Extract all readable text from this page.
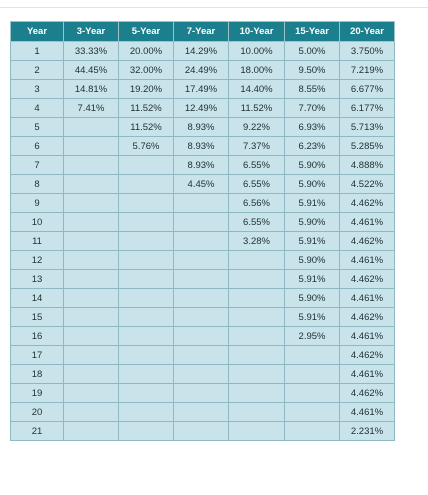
Year	3-Year	5-Year	7-Year	10-Year	15-Year	20-Year
1	33.33%	20.00%	14.29%	10.00%	5.00%	3.750%
2	44.45%	32.00%	24.49%	18.00%	9.50%	7.219%
3	14.81%	19.20%	17.49%	14.40%	8.55%	6.677%
4	7.41%	11.52%	12.49%	11.52%	7.70%	6.177%
5		11.52%	8.93%	9.22%	6.93%	5.713%
6		5.76%	8.93%	7.37%	6.23%	5.285%
7			8.93%	6.55%	5.90%	4.888%
8			4.45%	6.55%	5.90%	4.522%
9				6.56%	5.91%	4.462%
10				6.55%	5.90%	4.461%
11				3.28%	5.91%	4.462%
12					5.90%	4.461%
13					5.91%	4.462%
14					5.90%	4.461%
15					5.91%	4.462%
16					2.95%	4.461%
17						4.462%
18						4.461%
19						4.462%
20						4.461%
21						2.231%
